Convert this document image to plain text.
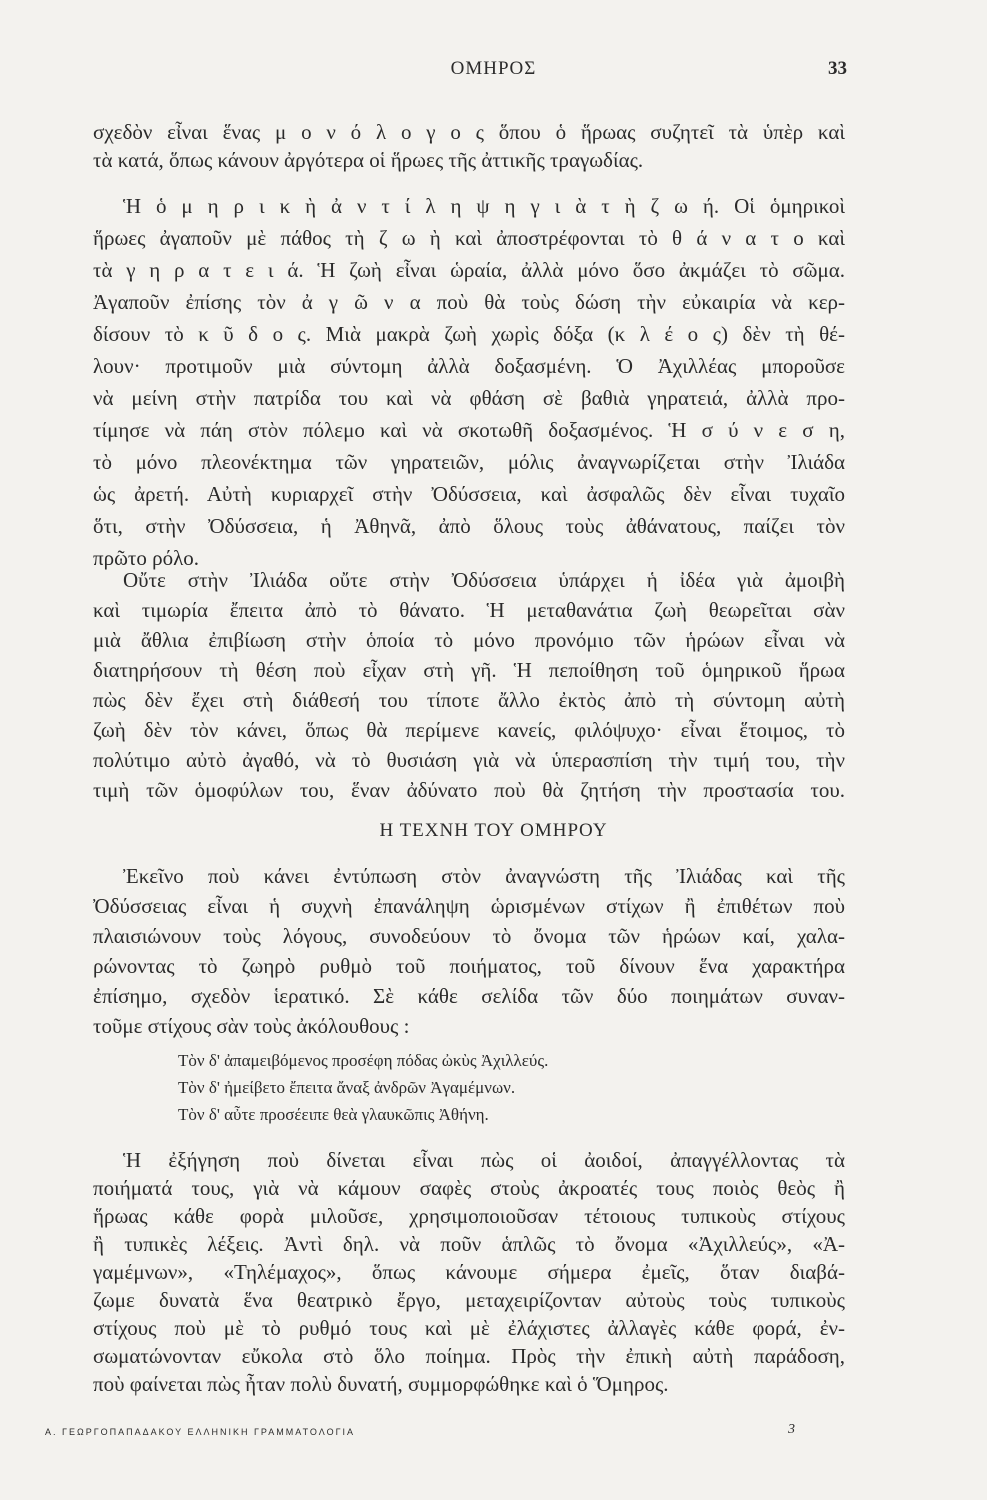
ΟΜΗΡΟΣ	33

σχεδὸν εἶναι ἕνας μ ο ν ό λ ο γ ο ς ὅπου ὁ ἥρωας συζητεῖ τὰ ὑπὲρ καὶ

τὰ κατά, ὅπως κάνουν ἀργότερα οἱ ἥρωες τῆς ἀττικῆς τραγωδίας.

Ἡ ὁ μ η ρ ι κ ὴ ἀ ν τ ί λ η ψ η γ ι ὰ τ ὴ ζ ω ή. Οἱ ὁμηρικοὶ

ἥρωες ἀγαποῦν μὲ πάθος τὴ ζ ω ὴ καὶ ἀποστρέφονται τὸ θ ά ν α τ ο καὶ

τὰ γ η ρ α τ ε ι ά. Ἡ ζωὴ εἶναι ὡραία, ἀλλὰ μόνο ὅσο ἀκμάζει τὸ σῶμα.

Ἀγαποῦν ἐπίσης τὸν ἀ γ ῶ ν α ποὺ θὰ τοὺς δώση τὴν εὐκαιρία νὰ κερ-

δίσουν τὸ κ ῦ δ ο ς. Μιὰ μακρὰ ζωὴ χωρὶς δόξα (κ λ έ ο ς) δὲν τὴ θέ-

λουν· προτιμοῦν μιὰ σύντομη ἀλλὰ δοξασμένη. Ὁ Ἀχιλλέας μποροῦσε

νὰ μείνη στὴν πατρίδα του καὶ νὰ φθάση σὲ βαθιὰ γηρατειά, ἀλλὰ προ-

τίμησε νὰ πάη στὸν πόλεμο καὶ νὰ σκοτωθῆ δοξασμένος. Ἡ σ ύ ν ε σ η,

τὸ μόνο πλεονέκτημα τῶν γηρατειῶν, μόλις ἀναγνωρίζεται στὴν Ἰλιάδα

ὡς ἀρετή. Αὐτὴ κυριαρχεῖ στὴν Ὀδύσσεια, καὶ ἀσφαλῶς δὲν εἶναι τυχαῖο

ὅτι, στὴν Ὀδύσσεια, ἡ Ἀθηνᾶ, ἀπὸ ὅλους τοὺς ἀθάνατους, παίζει τὸν

πρῶτο ρόλο.

Οὔτε στὴν Ἰλιάδα οὔτε στὴν Ὀδύσσεια ὑπάρχει ἡ ἰδέα γιὰ ἀμοιβὴ

καὶ τιμωρία ἔπειτα ἀπὸ τὸ θάνατο. Ἡ μεταθανάτια ζωὴ θεωρεῖται σὰν

μιὰ ἄθλια ἐπιβίωση στὴν ὁποία τὸ μόνο προνόμιο τῶν ἡρώων εἶναι νὰ

διατηρήσουν τὴ θέση ποὺ εἶχαν στὴ γῆ. Ἡ πεποίθηση τοῦ ὁμηρικοῦ ἥρωα

πὼς δὲν ἔχει στὴ διάθεσή του τίποτε ἄλλο ἐκτὸς ἀπὸ τὴ σύντομη αὐτὴ

ζωὴ δὲν τὸν κάνει, ὅπως θὰ περίμενε κανείς, φιλόψυχο· εἶναι ἕτοιμος, τὸ

πολύτιμο αὐτὸ ἀγαθό, νὰ τὸ θυσιάση γιὰ νὰ ὑπερασπίση τὴν τιμή του, τὴν

τιμὴ τῶν ὁμοφύλων του, ἕναν ἀδύνατο ποὺ θὰ ζητήση τὴν προστασία του.

Η ΤΕΧΝΗ ΤΟΥ ΟΜΗΡΟΥ

Ἐκεῖνο ποὺ κάνει ἐντύπωση στὸν ἀναγνώστη τῆς Ἰλιάδας καὶ τῆς

Ὀδύσσειας εἶναι ἡ συχνὴ ἐπανάληψη ὡρισμένων στίχων ἢ ἐπιθέτων ποὺ

πλαισιώνουν τοὺς λόγους, συνοδεύουν τὸ ὄνομα τῶν ἡρώων καί, χαλα-

ρώνοντας τὸ ζωηρὸ ρυθμὸ τοῦ ποιήματος, τοῦ δίνουν ἕνα χαρακτήρα

ἐπίσημο, σχεδὸν ἱερατικό. Σὲ κάθε σελίδα τῶν δύο ποιημάτων συναν-

τοῦμε στίχους σὰν τοὺς ἀκόλουθους :

Τὸν δ' ἀπαμειβόμενος προσέφη πόδας ὠκὺς Ἀχιλλεύς.

Τὸν δ' ἠμείβετο ἔπειτα ἄναξ ἀνδρῶν Ἀγαμέμνων.

Τὸν δ' αὖτε προσέειπε θεὰ γλαυκῶπις Ἀθήνη.

Ἡ ἐξήγηση ποὺ δίνεται εἶναι πὼς οἱ ἀοιδοί, ἀπαγγέλλοντας τὰ

ποιήματά τους, γιὰ νὰ κάμουν σαφὲς στοὺς ἀκροατές τους ποιὸς θεὸς ἢ

ἥρωας κάθε φορὰ μιλοῦσε, χρησιμοποιοῦσαν τέτοιους τυπικοὺς στίχους

ἢ τυπικὲς λέξεις. Ἀντὶ δηλ. νὰ ποῦν ἁπλῶς τὸ ὄνομα «Ἀχιλλεύς», «Ἀ-

γαμέμνων», «Τηλέμαχος», ὅπως κάνουμε σήμερα ἐμεῖς, ὅταν διαβά-

ζωμε δυνατὰ ἕνα θεατρικὸ ἔργο, μεταχειρίζονταν αὐτοὺς τοὺς τυπικοὺς

στίχους ποὺ μὲ τὸ ρυθμό τους καὶ μὲ ἐλάχιστες ἀλλαγὲς κάθε φορά, ἐν-

σωματώνονταν εὔκολα στὸ ὅλο ποίημα. Πρὸς τὴν ἐπικὴ αὐτὴ παράδοση,

ποὺ φαίνεται πὼς ἦταν πολὺ δυνατή, συμμορφώθηκε καὶ ὁ Ὅμηρος.

Α. ΓΕΩΡΓΟΠΑΠΑΔΑΚΟΥ ΕΛΛΗΝΙΚΗ ΓΡΑΜΜΑΤΟΛΟΓΙΑ	3
